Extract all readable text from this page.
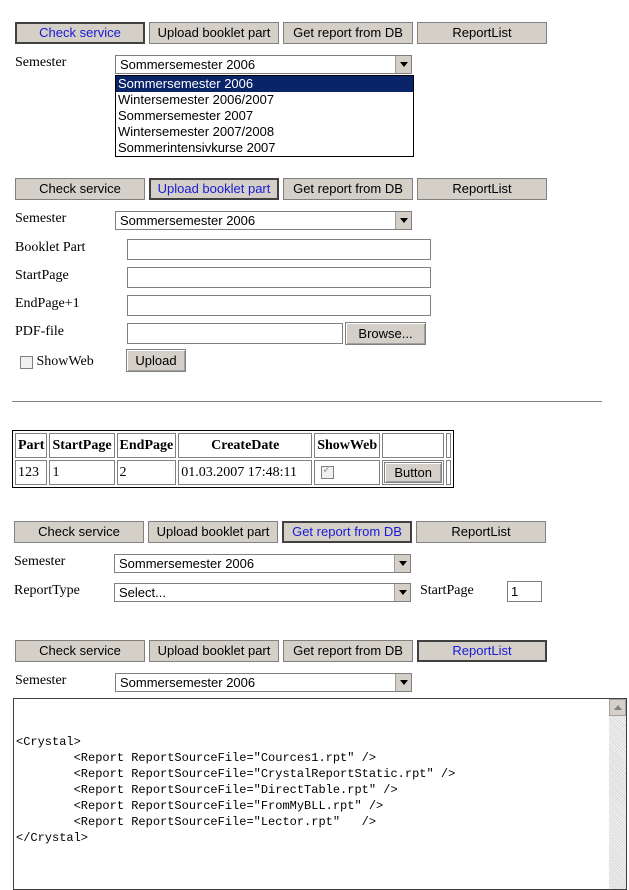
Check service	Upload booklet part	Get report from DB	ReportList
Semester	Sommersemester 2006
Sommersemester 2006
Wintersemester 2006/2007
Sommersemester 2007
Wintersemester 2007/2008
Sommerintensivkurse 2007
Check service	Upload booklet part	Get report from DB	ReportList
Semester	Sommersemester 2006
Booklet Part
StartPage
EndPage+1
PDF-file	Browse...
ShowWeb	Upload
Part	StartPage	EndPage	CreateDate	ShowWeb		
123	1	2	01.03.2007 17:48:11	✓	Button	
Check service	Upload booklet part	Get report from DB	ReportList
Semester	Sommersemester 2006
ReportType	Select...	StartPage	1
Check service	Upload booklet part	Get report from DB	ReportList
Semester	Sommersemester 2006

<Crystal>
<Report ReportSourceFile="Cources1.rpt" />
<Report ReportSourceFile="CrystalReportStatic.rpt" />
<Report ReportSourceFile="DirectTable.rpt" />
<Report ReportSourceFile="FromMyBLL.rpt" />
<Report ReportSourceFile="Lector.rpt"   />
</Crystal>
